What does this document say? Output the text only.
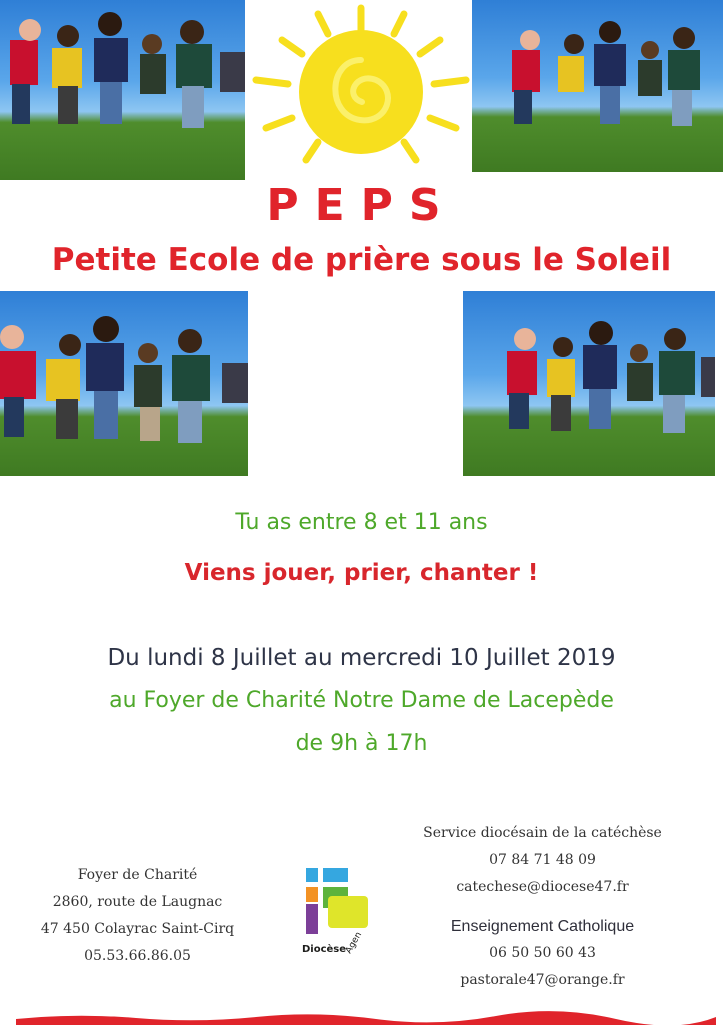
PEPS
Petite Ecole de prière sous le Soleil
Tu as entre 8 et 11 ans
Viens jouer, prier, chanter !
Du lundi 8 Juillet au mercredi 10 Juillet 2019
au Foyer de Charité Notre Dame de Lacepède
de 9h à 17h
Foyer de Charité
2860, route de Laugnac
47 450 Colayrac Saint-Cirq
05.53.66.86.05	Diocèse
Agen
Service diocésain de la catéchèse
07 84 71 48 09
catechese@diocese47.fr
Enseignement Catholique
06 50 50 60 43
pastorale47@orange.fr
